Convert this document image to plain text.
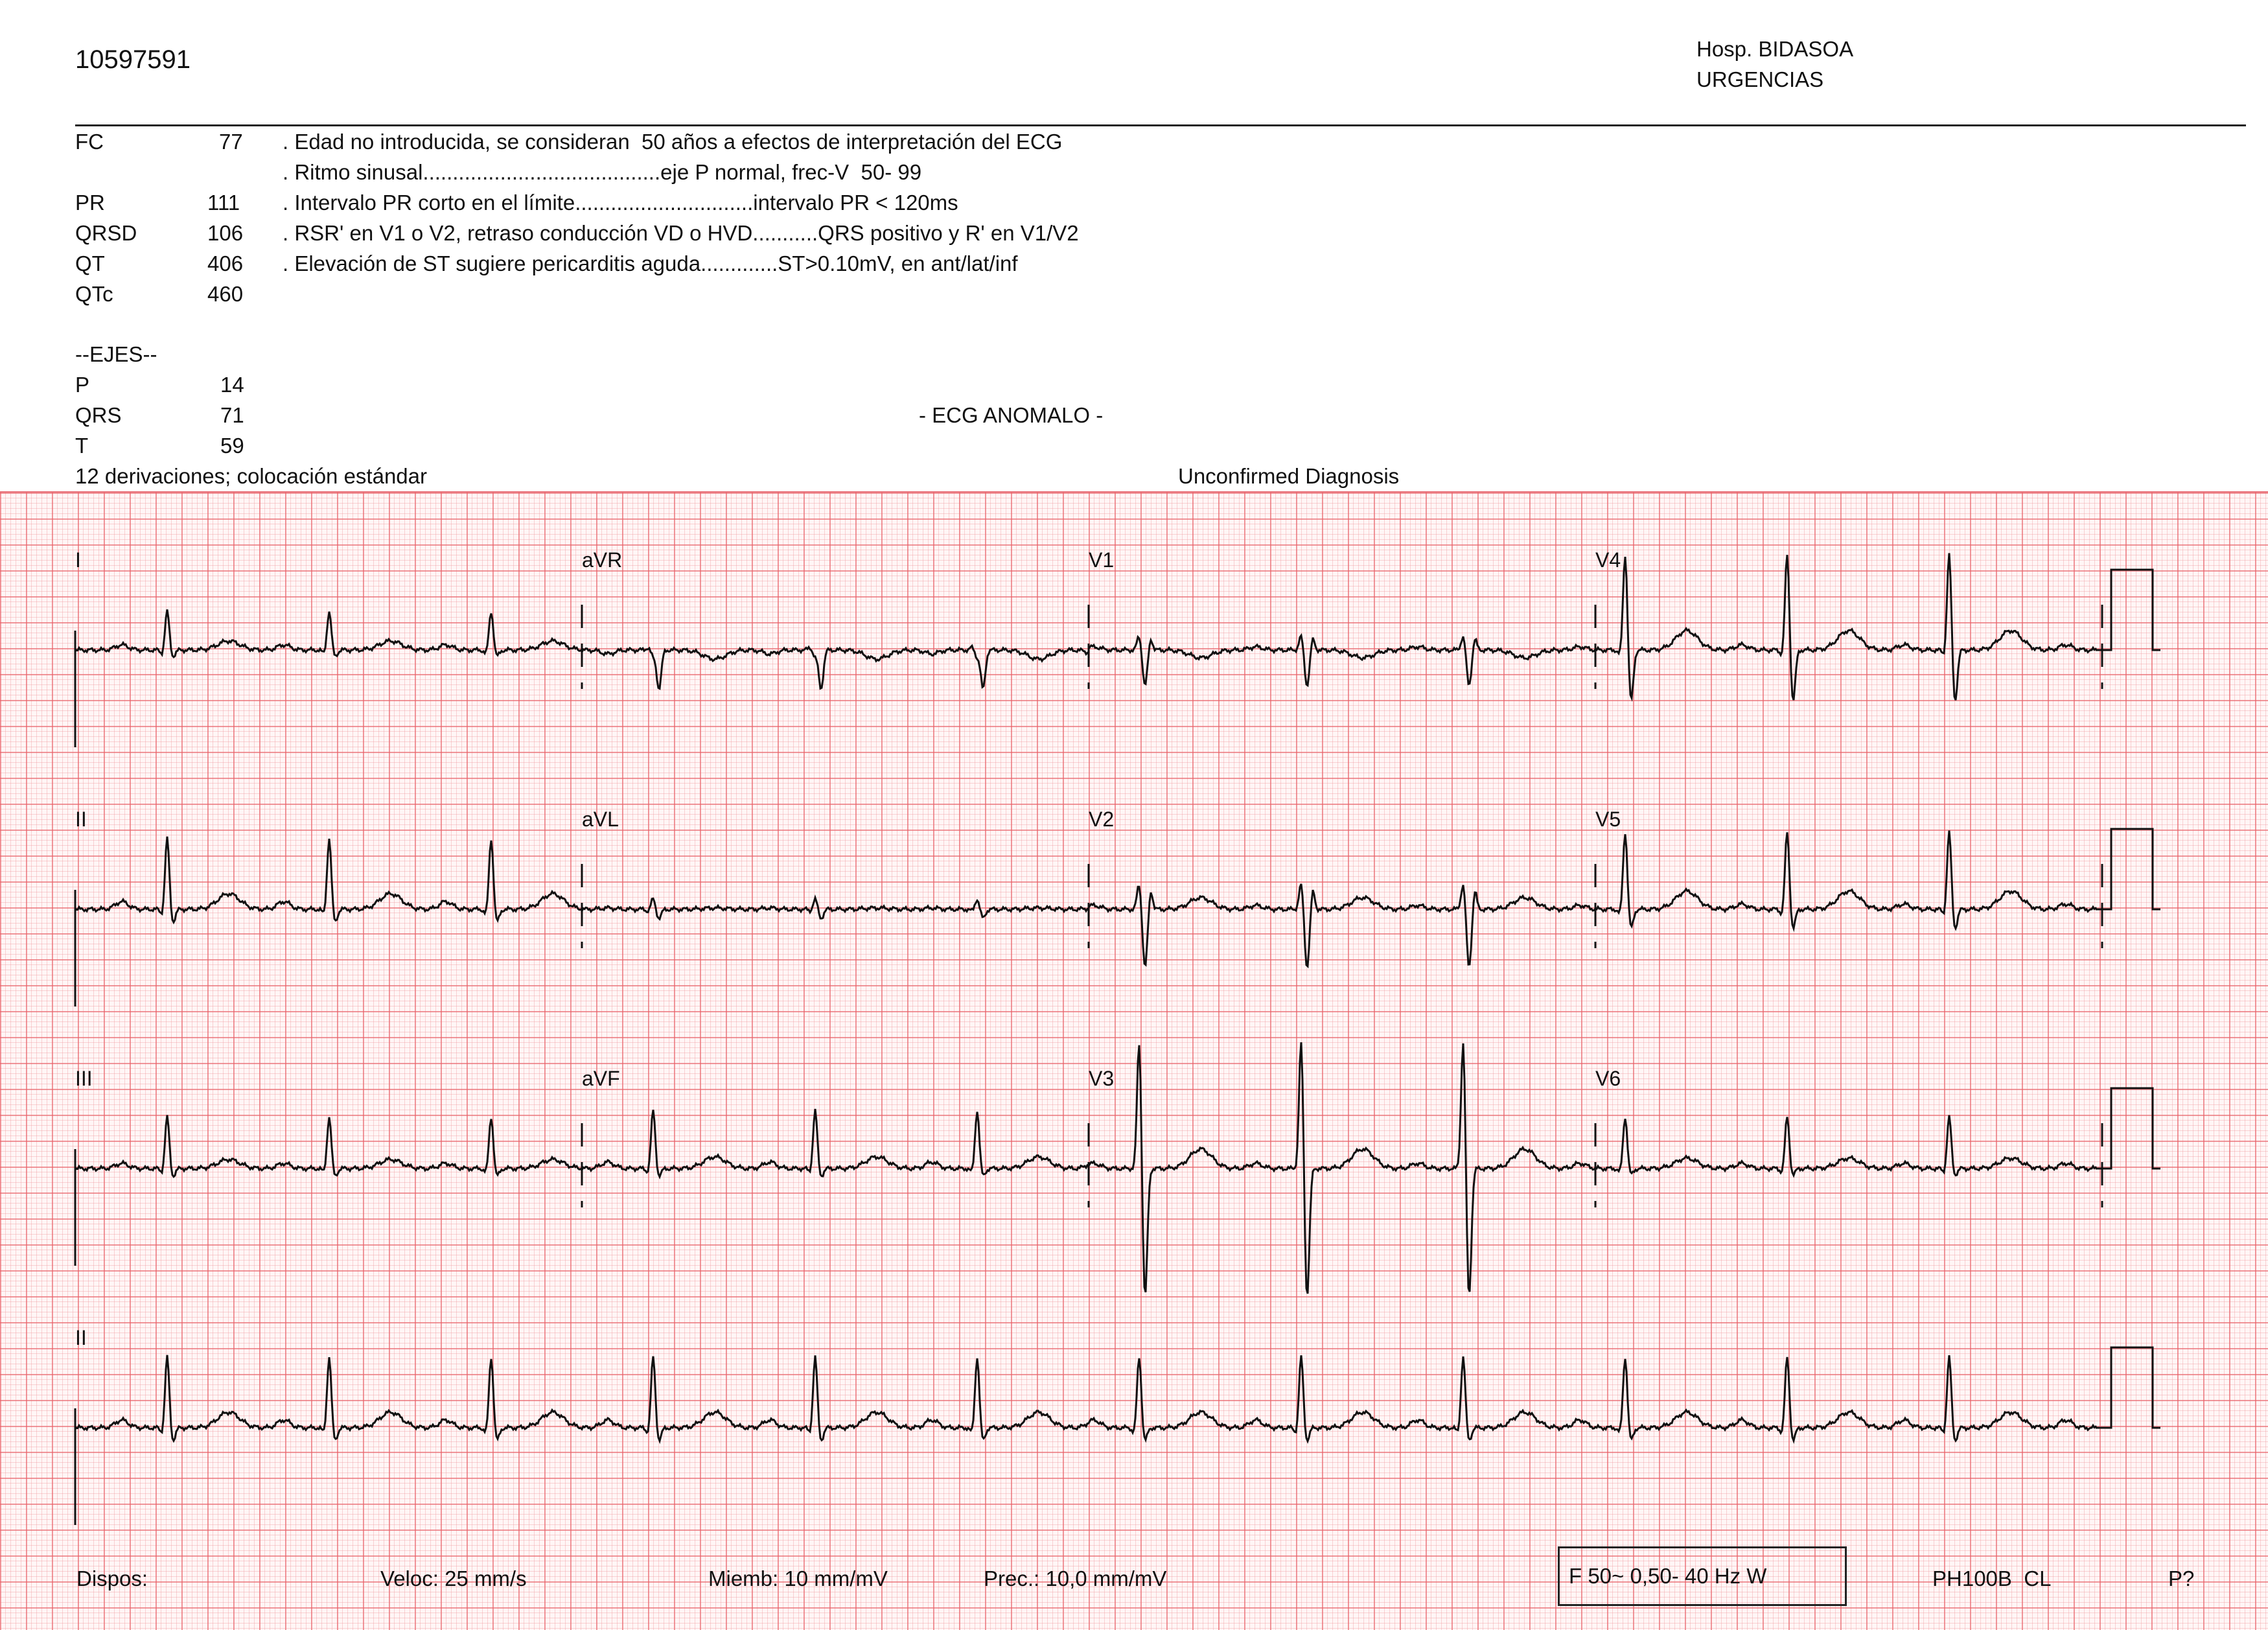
10597591	Hosp. BIDASOA
URGENCIAS
FC	77
PR	111
QRSD	106
QT	406
QTc	460
--EJES--
P	14
QRS	71
T	59
12 derivaciones; colocación estándar
. Edad no introducida, se consideran  50 años a efectos de interpretación del ECG
. Ritmo sinusal........................................eje P normal, frec-V  50- 99
. Intervalo PR corto en el límite..............................intervalo PR < 120ms
. RSR' en V1 o V2, retraso conducción VD o HVD...........QRS positivo y R' en V1/V2
. Elevación de ST sugiere pericarditis aguda.............ST>0.10mV, en ant/lat/inf
- ECG ANOMALO -
Unconfirmed Diagnosis
I	aVR	V1	V4
II	aVL	V2	V5
III	aVF	V3	V6
II
Dispos:	Veloc: 25 mm/s	Miemb: 10 mm/mV	Prec.: 10,0 mm/mV	F 50~ 0,50- 40 Hz W	PH100B  CL	P?
